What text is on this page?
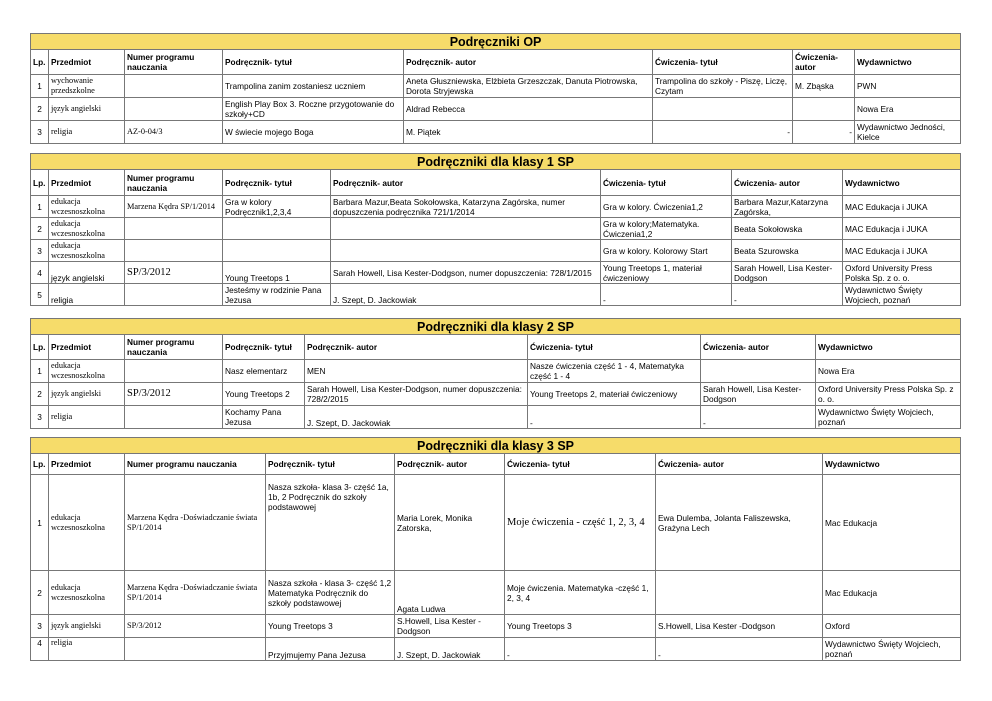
Podręczniki OP							
Lp.	Przedmiot	Numer programu nauczania	Podręcznik- tytuł	Podręcznik- autor	Ćwiczenia- tytuł	Ćwiczenia- autor	Wydawnictwo
1	wychowanie przedszkolne		Trampolina zanim zostaniesz uczniem	Aneta Głuszniewska, Elżbieta Grzeszczak, Danuta Piotrowska, Dorota Stryjewska	Trampolina do szkoły - Piszę, Liczę, Czytam	M. Zbąska	PWN
2	język angielski		English Play Box 3. Roczne przygotowanie do szkoły+CD	Aldrad Rebecca			Nowa Era
3	religia	AZ-0-04/3	W świecie mojego Boga	M. Piątek	-	-	Wydawnictwo Jedności, Kielce
Podręczniki dla klasy 1 SP							
Lp.	Przedmiot	Numer programu nauczania	Podręcznik- tytuł	Podręcznik- autor	Ćwiczenia- tytuł	Ćwiczenia- autor	Wydawnictwo
1	edukacja wczesnoszkolna	Marzena Kędra SP/1/2014	Gra w kolory Podręcznik1,2,3,4	Barbara Mazur,Beata Sokołowska, Katarzyna Zagórska, numer dopuszczenia podręcznika 721/1/2014	Gra w kolory. Ćwiczenia1,2	Barbara Mazur,Katarzyna Zagórska,	MAC Edukacja i JUKA
2	edukacja wczesnoszkolna				Gra w kolory;Matematyka. Ćwiczenia1,2	Beata Sokołowska	MAC Edukacja i JUKA
3	edukacja wczesnoszkolna				Gra w kolory. Kolorowy Start	Beata Szurowska	MAC Edukacja i JUKA
4	język angielski	SP/3/2012	Young Treetops 1	Sarah Howell, Lisa Kester-Dodgson, numer dopuszczenia: 728/1/2015	Young Treetops 1, materiał ćwiczeniowy	Sarah Howell, Lisa Kester-Dodgson	Oxford University Press Polska Sp. z o. o.
5	religia		Jesteśmy w rodzinie Pana Jezusa	J. Szept, D. Jackowiak	-	-	Wydawnictwo Święty Wojciech, poznań
Podręczniki dla klasy 2 SP							
Lp.	Przedmiot	Numer programu nauczania	Podręcznik- tytuł	Podręcznik- autor	Ćwiczenia- tytuł	Ćwiczenia- autor	Wydawnictwo
1	edukacja wczesnoszkolna		Nasz elementarz	MEN	Nasze ćwiczenia część 1 - 4, Matematyka część 1 - 4		Nowa Era
2	język angielski	SP/3/2012	Young Treetops 2	Sarah Howell, Lisa Kester-Dodgson, numer dopuszczenia: 728/2/2015	Young Treetops 2, materiał ćwiczeniowy	Sarah Howell, Lisa Kester-Dodgson	Oxford University Press Polska Sp. z o. o.
3	religia		Kochamy Pana Jezusa	J. Szept, D. Jackowiak	-	-	Wydawnictwo Święty Wojciech, poznań
Podręczniki dla klasy 3 SP							
Lp.	Przedmiot	Numer programu nauczania	Podręcznik- tytuł	Podręcznik- autor	Ćwiczenia- tytuł	Ćwiczenia- autor	Wydawnictwo
1	edukacja wczesnoszkolna	Marzena Kędra -Doświadczanie świata SP/1/2014	Nasza szkoła- klasa 3- część 1a, 1b, 2 Podręcznik do szkoły podstawowej	Maria Lorek, Monika Zatorska,	Moje ćwiczenia - część 1, 2, 3, 4	Ewa Dulemba, Jolanta Faliszewska, Grażyna Lech	Mac Edukacja
2	edukacja wczesnoszkolna	Marzena Kędra -Doświadczanie świata SP/1/2014	Nasza szkoła - klasa 3- część 1,2 Matematyka Podręcznik do szkoły podstawowej	Agata Ludwa	Moje ćwiczenia. Matematyka -część 1, 2, 3, 4		Mac Edukacja
3	język angielski	SP/3/2012	Young Treetops 3	S.Howell, Lisa Kester - Dodgson	Young Treetops 3	S.Howell, Lisa Kester -Dodgson	Oxford
4	religia		Przyjmujemy Pana Jezusa	J. Szept, D. Jackowiak	-	-	Wydawnictwo Święty Wojciech, poznań
